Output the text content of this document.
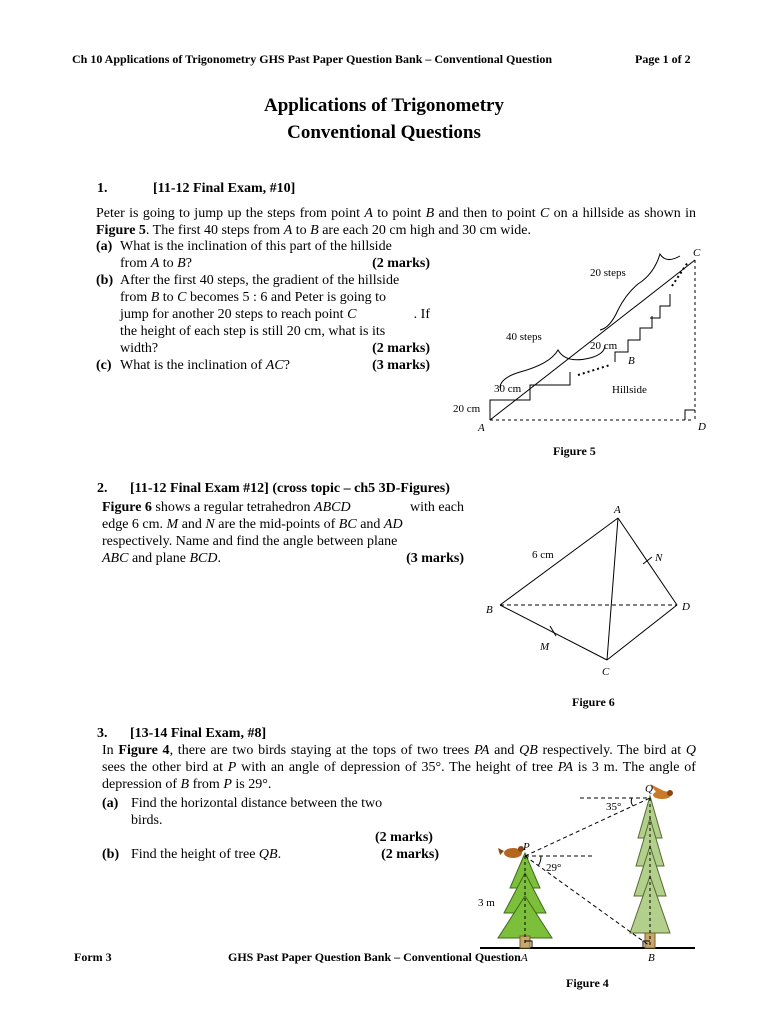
Ch 10 Applications of Trigonometry GHS Past Paper Question Bank – Conventional Question	Page 1 of 2
Applications of Trigonometry
Conventional Questions
1.	[11-12 Final Exam, #10]
Peter is going to jump up the steps from point A to point B and then to point C on a hillside as shown in Figure 5. The first 40 steps from A to B are each 20 cm high and 30 cm wide.
(a) What is the inclination of this part of the hillside
from A to B?	(2 marks)
(b) After the first 40 steps, the gradient of the hillside
from B to C becomes 5 : 6 and Peter is going to
jump for another 20 steps to reach point C	. If
the height of each step is still 20 cm, what is its
width?	(2 marks)
(c) What is the inclination of AC?	(3 marks)
20 steps
40 steps
20 cm
30 cm
20 cm
Hillside
A
B
C
D
Figure 5
2. [11-12 Final Exam #12] (cross topic – ch5 3D-Figures)
Figure 6 shows a regular tetrahedron ABCD	with each
edge 6 cm. M and N are the mid-points of BC and AD
respectively. Name and find the angle between plane
ABC and plane BCD.	(3 marks)	6 cm
A
B
C
D
M
N
Figure 6
3. [13-14 Final Exam, #8]
In Figure 4, there are two birds staying at the tops of two trees PA and QB respectively. The bird at Q sees the other bird at P with an angle of depression of 35°. The height of tree PA is 3 m. The angle of depression of B from P is 29°.
(a) Find the horizontal distance between the two
birds.
(2 marks)
(b) Find the height of tree QB.	(2 marks)
35°
29°
3 m
P
Q
A	B
Form 3	GHS Past Paper Question Bank – Conventional Question
Figure 4
